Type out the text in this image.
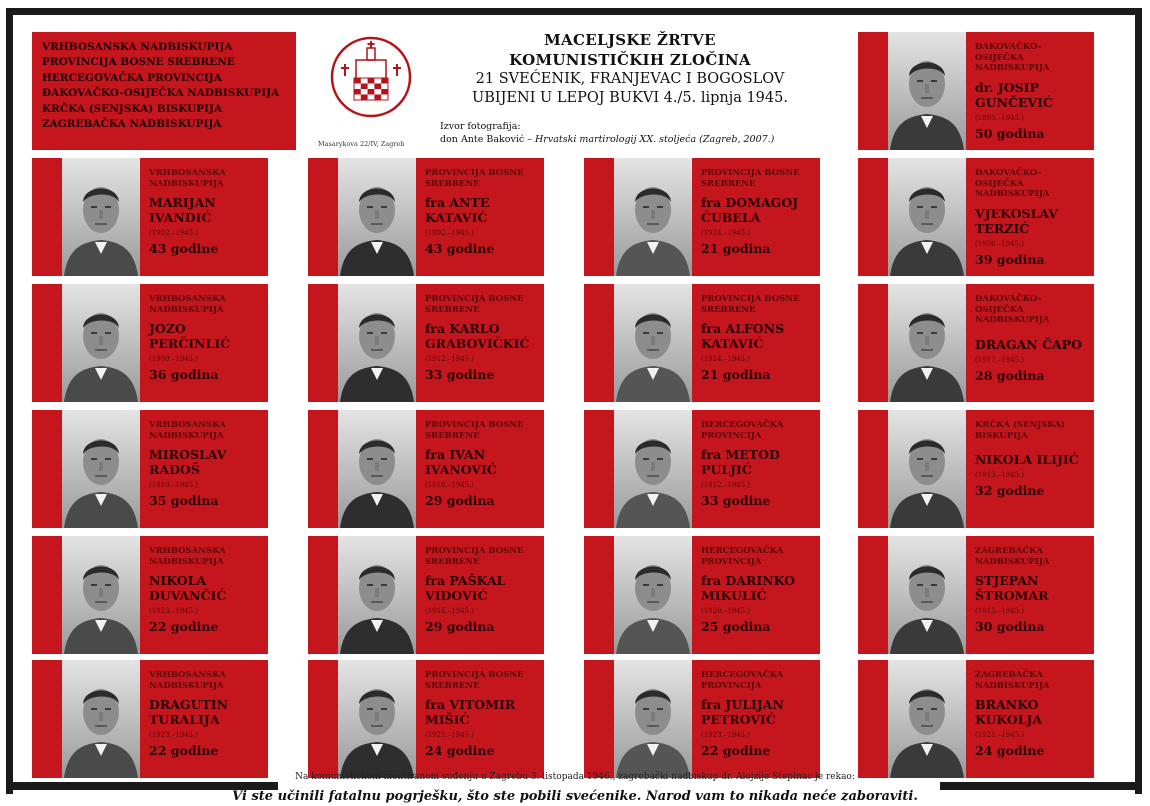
VRHBOSANSKA NADBISKUPIJA
PROVINCIJA BOSNE SREBRENE
HERCEGOVAČKA PROVINCIJA
ĐAKOVAČKO-OSIJEČKA NADBISKUPIJA
KRČKA (SENJSKA) BISKUPIJA
ZAGREBAČKA NADBISKUPIJA
Masarykova 22/IV, Zagreb
MACELJSKE ŽRTVE
KOMUNISTIČKIH ZLOČINA
21 SVEĆENIK, FRANJEVAC I BOGOSLOV
UBIJENI U LEPOJ BUKVI 4./5. lipnja 1945.
Izvor fotografija:
don Ante Baković – Hrvatski martirologij XX. stoljeća (Zagreb, 2007.)
ĐAKOVAČKO-OSIJEČKA NADBISKUPIJA
dr. JOSIP GUNČEVIĆ
(1895.–1945.)
50 godina
VRHBOSANSKA NADBISKUPIJA
MARIJAN IVANDIĆ
(1902.–1945.)
43 godine
PROVINCIJA BOSNE SREBRENE
fra ANTE KATAVIĆ
(1902.–1945.)
43 godine
PROVINCIJA BOSNE SREBRENE
fra DOMAGOJ ČUBELA
(1924.–1945.)
21 godina
ĐAKOVAČKO-OSIJEČKA NADBISKUPIJA
VJEKOSLAV TERZIĆ
(1906.–1945.)
39 godina
VRHBOSANSKA NADBISKUPIJA
JOZO PERČINLIĆ
(1909.–1945.)
36 godina
PROVINCIJA BOSNE SREBRENE
fra KARLO GRABOVIČKIĆ
(1912.–1945.)
33 godine
PROVINCIJA BOSNE SREBRENE
fra ALFONS KATAVIĆ
(1924.–1945.)
21 godina
ĐAKOVAČKO-OSIJEČKA NADBISKUPIJA
DRAGAN ČAPO
(1917.–1945.)
28 godina
VRHBOSANSKA NADBISKUPIJA
MIROSLAV RADOŠ
(1910.–1945.)
35 godina
PROVINCIJA BOSNE SREBRENE
fra IVAN IVANOVIĆ
(1916.–1945.)
29 godina
HERCEGOVAČKA PROVINCIJA
fra METOD PULJIĆ
(1912.–1945.)
33 godine
KRČKA (SENJSKA) BISKUPIJA
NIKOLA ILIJIĆ
(1913.–1945.)
32 godine
VRHBOSANSKA NADBISKUPIJA
NIKOLA DUVANČIĆ
(1923.–1945.)
22 godine
PROVINCIJA BOSNE SREBRENE
fra PAŠKAL VIDOVIĆ
(1916.–1945.)
29 godina
HERCEGOVAČKA PROVINCIJA
fra DARINKO MIKULIĆ
(1920.–1945.)
25 godina
ZAGREBAČKA NADBISKUPIJA
STJEPAN ŠTROMAR
(1915.–1945.)
30 godina
VRHBOSANSKA NADBISKUPIJA
DRAGUTIN TURALIJA
(1923.–1945.)
22 godine
PROVINCIJA BOSNE SREBRENE
fra VITOMIR MIŠIĆ
(1921.–1945.)
24 godine
HERCEGOVAČKA PROVINCIJA
fra JULIJAN PETROVIĆ
(1923.–1945.)
22 godine
ZAGREBAČKA NADBISKUPIJA
BRANKO KUKOLJA
(1921.–1945.)
24 godine
Na komunističkom montiranom suđenju u Zagrebu 3. listopada 1946., zagrebački nadbiskup dr. Alojzije Stepinac je rekao:
Vi ste učinili fatalnu pogrješku, što ste pobili svećenike. Narod vam to nikada neće zaboraviti.
